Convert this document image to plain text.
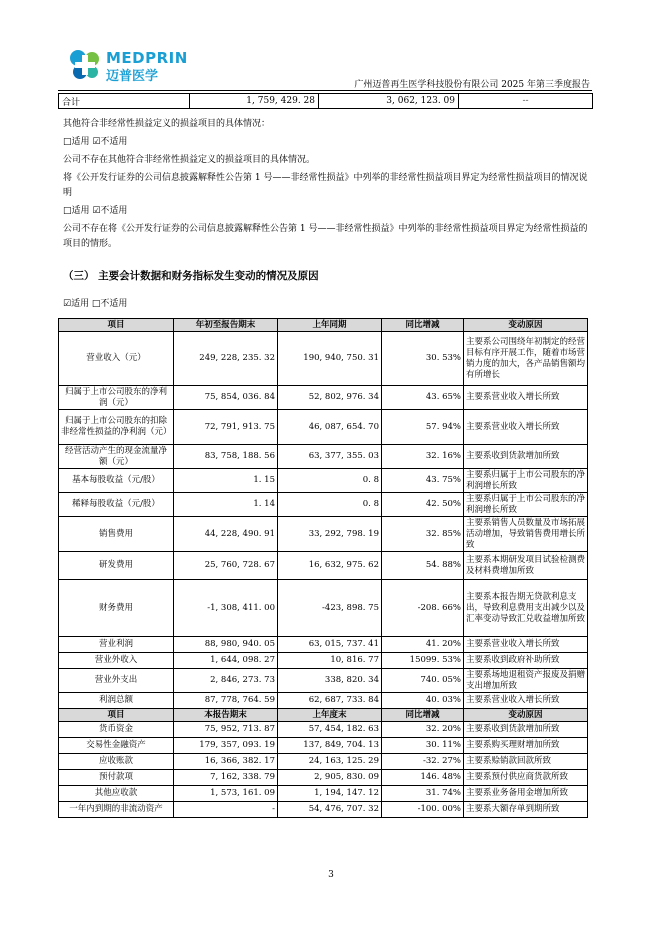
MEDPRIN
迈普医学
广州迈普再生医学科技股份有限公司 2025 年第三季度报告
合计	1, 759, 429. 28	3, 062, 123. 09	--
其他符合非经常性损益定义的损益项目的具体情况：
□适用 ☑不适用
公司不存在其他符合非经常性损益定义的损益项目的具体情况。
将《公开发行证券的公司信息披露解释性公告第 1 号——非经常性损益》中列举的非经常性损益项目界定为经常性损益项目的情况说明
□适用 ☑不适用
公司不存在将《公开发行证券的公司信息披露解释性公告第 1 号——非经常性损益》中列举的非经常性损益项目界定为经常性损益的项目的情形。
（三） 主要会计数据和财务指标发生变动的情况及原因
☑适用 □不适用
项目	年初至报告期末	上年同期	同比增减	变动原因
营业收入（元）	249, 228, 235. 32	190, 940, 750. 31	30. 53%	主要系公司围绕年初制定的经营目标有序开展工作，随着市场营销力度的加大，各产品销售额均有所增长
归属于上市公司股东的净利润（元）	75, 854, 036. 84	52, 802, 976. 34	43. 65%	主要系营业收入增长所致
归属于上市公司股东的扣除非经常性损益的净利润（元）	72, 791, 913. 75	46, 087, 654. 70	57. 94%	主要系营业收入增长所致
经营活动产生的现金流量净额（元）	83, 758, 188. 56	63, 377, 355. 03	32. 16%	主要系收到货款增加所致
基本每股收益（元/股）	1. 15	0. 8	43. 75%	主要系归属于上市公司股东的净利润增长所致
稀释每股收益（元/股）	1. 14	0. 8	42. 50%	主要系归属于上市公司股东的净利润增长所致
销售费用	44, 228, 490. 91	33, 292, 798. 19	32. 85%	主要系销售人员数量及市场拓展活动增加，导致销售费用增长所致
研发费用	25, 760, 728. 67	16, 632, 975. 62	54. 88%	主要系本期研发项目试验检测费及材料费增加所致
财务费用	-1, 308, 411. 00	-423, 898. 75	-208. 66%	主要系本报告期无贷款利息支出，导致利息费用支出减少以及汇率变动导致汇兑收益增加所致
营业利润	88, 980, 940. 05	63, 015, 737. 41	41. 20%	主要系营业收入增长所致
营业外收入	1, 644, 098. 27	10, 816. 77	15099. 53%	主要系收到政府补助所致
营业外支出	2, 846, 273. 73	338, 820. 34	740. 05%	主要系场地退租资产报废及捐赠支出增加所致
利润总额	87, 778, 764. 59	62, 687, 733. 84	40. 03%	主要系营业收入增长所致
项目	本报告期末	上年度末	同比增减	变动原因
货币资金	75, 952, 713. 87	57, 454, 182. 63	32. 20%	主要系收到货款增加所致
交易性金融资产	179, 357, 093. 19	137, 849, 704. 13	30. 11%	主要系购买理财增加所致
应收账款	16, 366, 382. 17	24, 163, 125. 29	-32. 27%	主要系赊销款回款所致
预付款项	7, 162, 338. 79	2, 905, 830. 09	146. 48%	主要系预付供应商货款所致
其他应收款	1, 573, 161. 09	1, 194, 147. 12	31. 74%	主要系业务备用金增加所致
一年内到期的非流动资产	-	54, 476, 707. 32	-100. 00%	主要系大额存单到期所致
3
